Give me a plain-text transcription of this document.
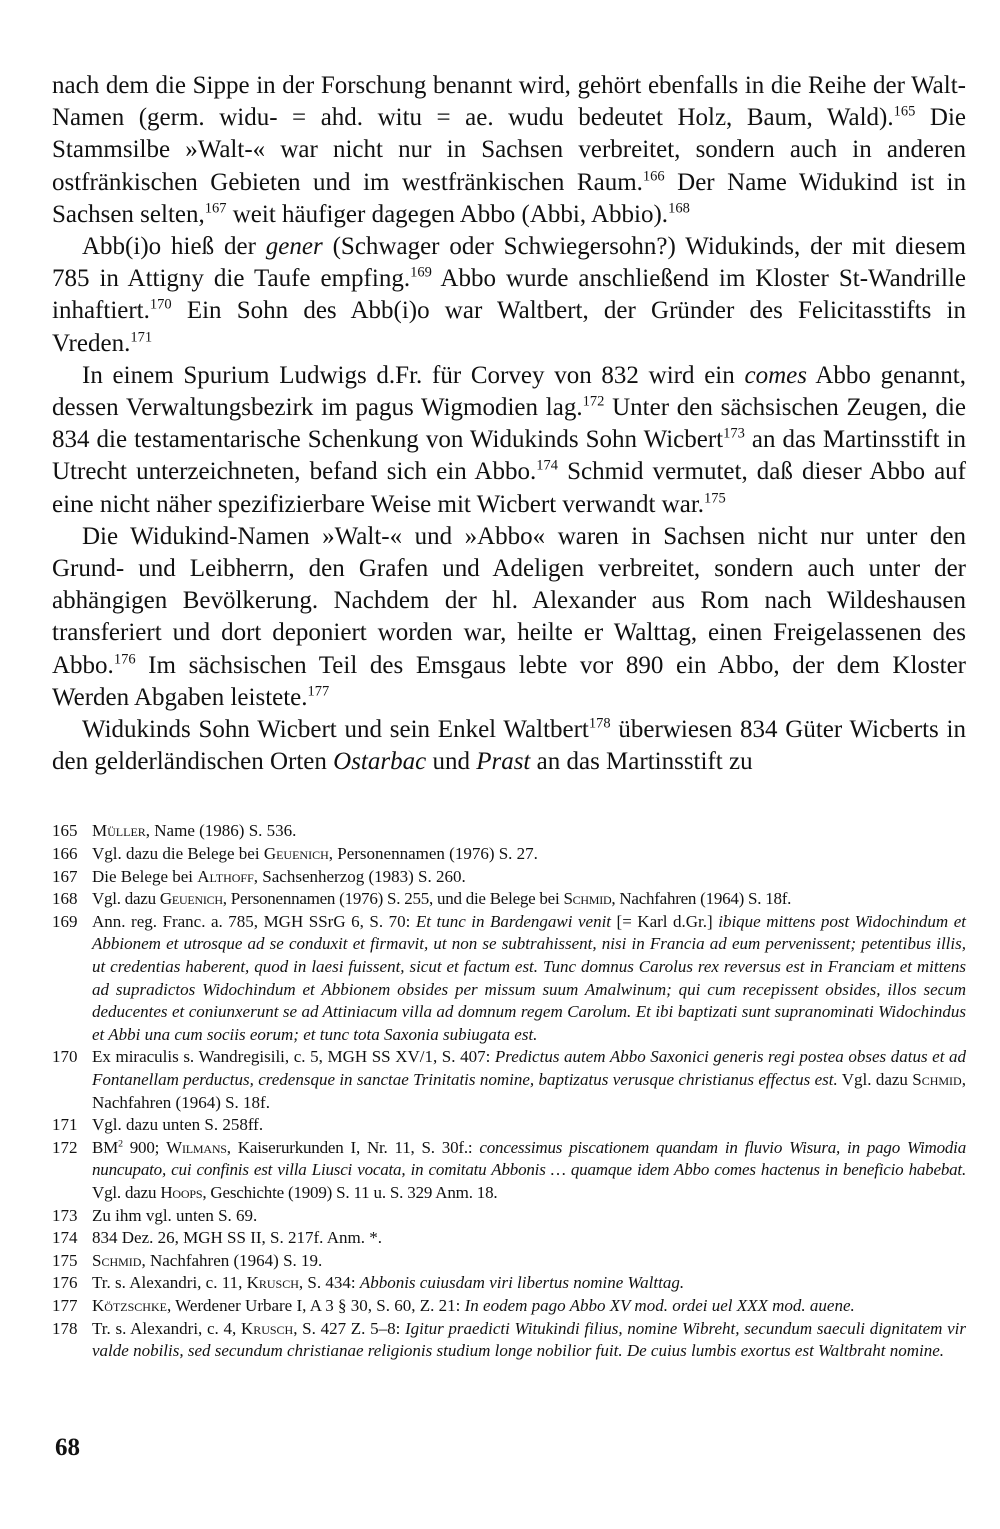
nach dem die Sippe in der Forschung benannt wird, gehört ebenfalls in die Reihe der Walt-Namen (germ. widu- = ahd. witu = ae. wudu bedeutet Holz, Baum, Wald).$^{165}$ Die Stammsilbe »Walt-« war nicht nur in Sachsen verbreitet, sondern auch in anderen ostfränkischen Gebieten und im westfränkischen Raum.$^{166}$ Der Name Widukind ist in Sachsen selten,$^{167}$ weit häufiger dagegen Abbo (Abbi, Abbio).$^{168}$

Abb(i)o hieß der gener (Schwager oder Schwiegersohn?) Widukinds, der mit diesem 785 in Attigny die Taufe empfing.$^{169}$ Abbo wurde anschließend im Kloster St-Wandrille inhaftiert.$^{170}$ Ein Sohn des Abb(i)o war Waltbert, der Gründer des Felicitasstifts in Vreden.$^{171}$

In einem Spurium Ludwigs d.Fr. für Corvey von 832 wird ein comes Abbo genannt, dessen Verwaltungsbezirk im pagus Wigmodien lag.$^{172}$ Unter den sächsischen Zeugen, die 834 die testamentarische Schenkung von Widukinds Sohn Wicbert$^{173}$ an das Martinsstift in Utrecht unterzeichneten, befand sich ein Abbo.$^{174}$ Schmid vermutet, daß dieser Abbo auf eine nicht näher spezifizierbare Weise mit Wicbert verwandt war.$^{175}$

Die Widukind-Namen »Walt-« und »Abbo« waren in Sachsen nicht nur unter den Grund- und Leibherrn, den Grafen und Adeligen verbreitet, sondern auch unter der abhängigen Bevölkerung. Nachdem der hl. Alexander aus Rom nach Wildeshausen transferiert und dort deponiert worden war, heilte er Walttag, einen Freigelassenen des Abbo.$^{176}$ Im sächsischen Teil des Emsgaus lebte vor 890 ein Abbo, der dem Kloster Werden Abgaben leistete.$^{177}$

Widukinds Sohn Wicbert und sein Enkel Waltbert$^{178}$ überwiesen 834 Güter Wicberts in den gelderländischen Orten Ostarbac und Prast an das Martinsstift zu

165 Müller, Name (1986) S. 536.
166 Vgl. dazu die Belege bei Geuenich, Personennamen (1976) S. 27.
167 Die Belege bei Althoff, Sachsenherzog (1983) S. 260.
168 Vgl. dazu Geuenich, Personennamen (1976) S. 255, und die Belege bei Schmid, Nachfahren (1964) S. 18f.
169 Ann. reg. Franc. a. 785, MGH SSrG 6, S. 70: Et tunc in Bardengawi venit [= Karl d.Gr.] ibique mittens post Widochindum et Abbionem et utrosque ad se conduxit et firmavit, ut non se subtrahissent, nisi in Francia ad eum pervenissent; petentibus illis, ut credentias haberent, quod in laesi fuissent, sicut et factum est. Tunc domnus Carolus rex reversus est in Franciam et mittens ad supradictos Widochindum et Abbionem obsides per missum suum Amalwinum; qui cum recepissent obsides, illos secum deducentes et coniunxerunt se ad Attiniacum villa ad domnum regem Carolum. Et ibi baptizati sunt supranominati Widochindus et Abbi una cum sociis eorum; et tunc tota Saxonia subiugata est.
170 Ex miraculis s. Wandregisili, c. 5, MGH SS XV/1, S. 407: Predictus autem Abbo Saxonici generis regi postea obses datus et ad Fontanellam perductus, credensque in sanctae Trinitatis nomine, baptizatus verusque christianus effectus est. Vgl. dazu Schmid, Nachfahren (1964) S. 18f.
171 Vgl. dazu unten S. 258ff.
172 $BM^2$ 900; Wilmans, Kaiserurkunden I, Nr. 11, S. 30f.: concessimus piscationem quandam in fluvio Wisura, in pago Wimodia nuncupato, cui confinis est villa Liusci vocata, in comitatu Abbonis … quamque idem Abbo comes hactenus in beneficio habebat. Vgl. dazu Hoops, Geschichte (1909) S. 11 u. S. 329 Anm. 18.
173 Zu ihm vgl. unten S. 69.
174 834 Dez. 26, MGH SS II, S. 217f. Anm. *.
175 Schmid, Nachfahren (1964) S. 19.
176 Tr. s. Alexandri, c. 11, Krusch, S. 434: Abbonis cuiusdam viri libertus nomine Walttag.
177 Kötzschke, Werdener Urbare I, A 3 § 30, S. 60, Z. 21: In eodem pago Abbo XV mod. ordei uel XXX mod. auene.
178 Tr. s. Alexandri, c. 4, Krusch, S. 427 Z. 5–8: Igitur praedicti Witukindi filius, nomine Wibreht, secundum saeculi dignitatem vir valde nobilis, sed secundum christianae religionis studium longe nobilior fuit. De cuius lumbis exortus est Waltbraht nomine.
68
